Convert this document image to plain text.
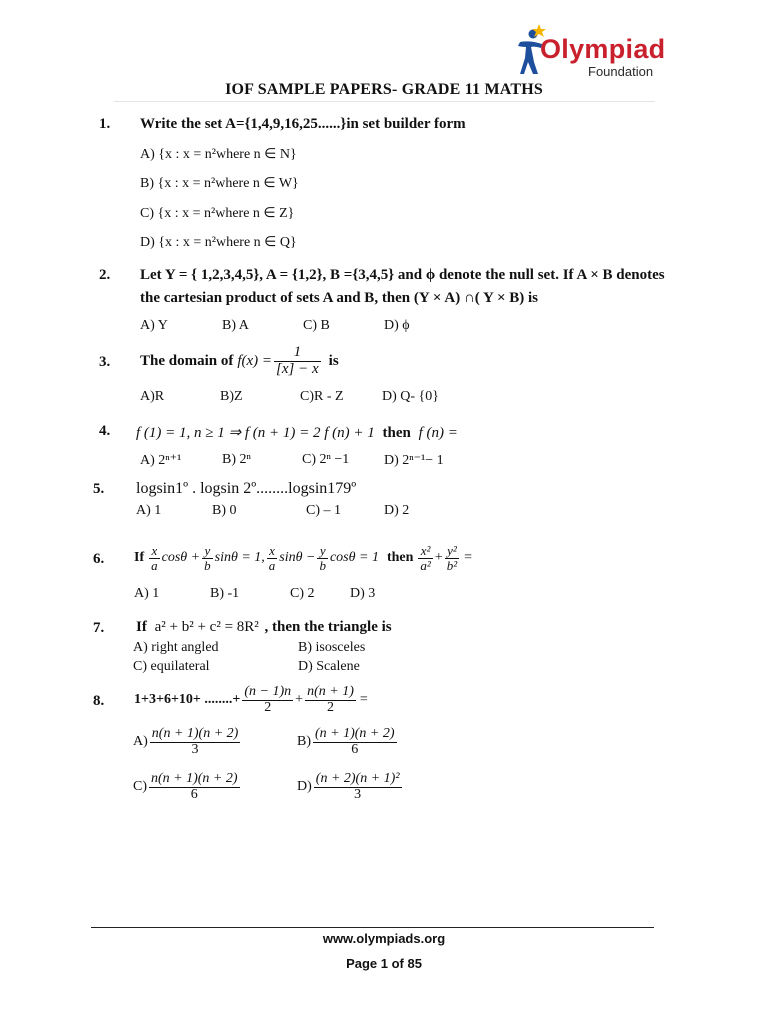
Olympiad
Foundation
IOF SAMPLE PAPERS- GRADE 11 MATHS
1. Write the set A={1,4,9,16,25......}in set builder form
A) {x : x = n²where n ∈ N}
B) {x : x = n²where n ∈ W}
C) {x : x = n²where n ∈ Z}
D) {x : x = n²where n ∈ Q}
2. Let Y = { 1,2,3,4,5}, A = {1,2}, B ={3,4,5} and ϕ denote the null set. If A × B denotes
the cartesian product of sets A and B, then (Y × A) ∩( Y × B) is
A) Y	B) A	C) B	D) ϕ
3. The domain of $f(x) = \frac{1}{[x] - x}$ is
A)R	B)Z	C)R - Z	D) Q- {0}
4. f (1) = 1, n ≥ 1 ⇒ f (n + 1) = 2 f (n) + 1 then f (n) =
A) 2ⁿ⁺¹	B) 2ⁿ	C) 2ⁿ −1 D) 2ⁿ⁻¹− 1
5. logsin1º . logsin 2º........logsin179º
A) 1	B) 0	C) – 1	D) 2
6. If $\frac{x}{a}$ $\cos\theta + \frac{y}{b}$ sinθ = 1, $\frac{x}{a}$ $\sin\theta - \frac{y}{b}$ cosθ = 1 then $\frac{\text{x²}}{\text{a²}} + \frac{\text{y²}}{\text{b²}}$ =
A) 1	B) -1	C) 2	D) 3
7. If a² + b² + c² = 8R² , then the triangle is
A) right angled	B) isosceles
C) equilateral	D) Scalene
8. 1+3+6+10+ ........+ $\frac{(n - 1)n}{2} + \frac{n(n + 1)}{2}$ =
$A) \frac{n(n + 1)(n + 2)}{3}$	$B) \frac{(n + 1)(n + 2)}{6}$
$C) \frac{n(n + 1)(n + 2)}{6}$	$D) \frac{\text{(n + 2)(n + 1)²}}{3}$
www.olympiads.org
Page 1 of 85
